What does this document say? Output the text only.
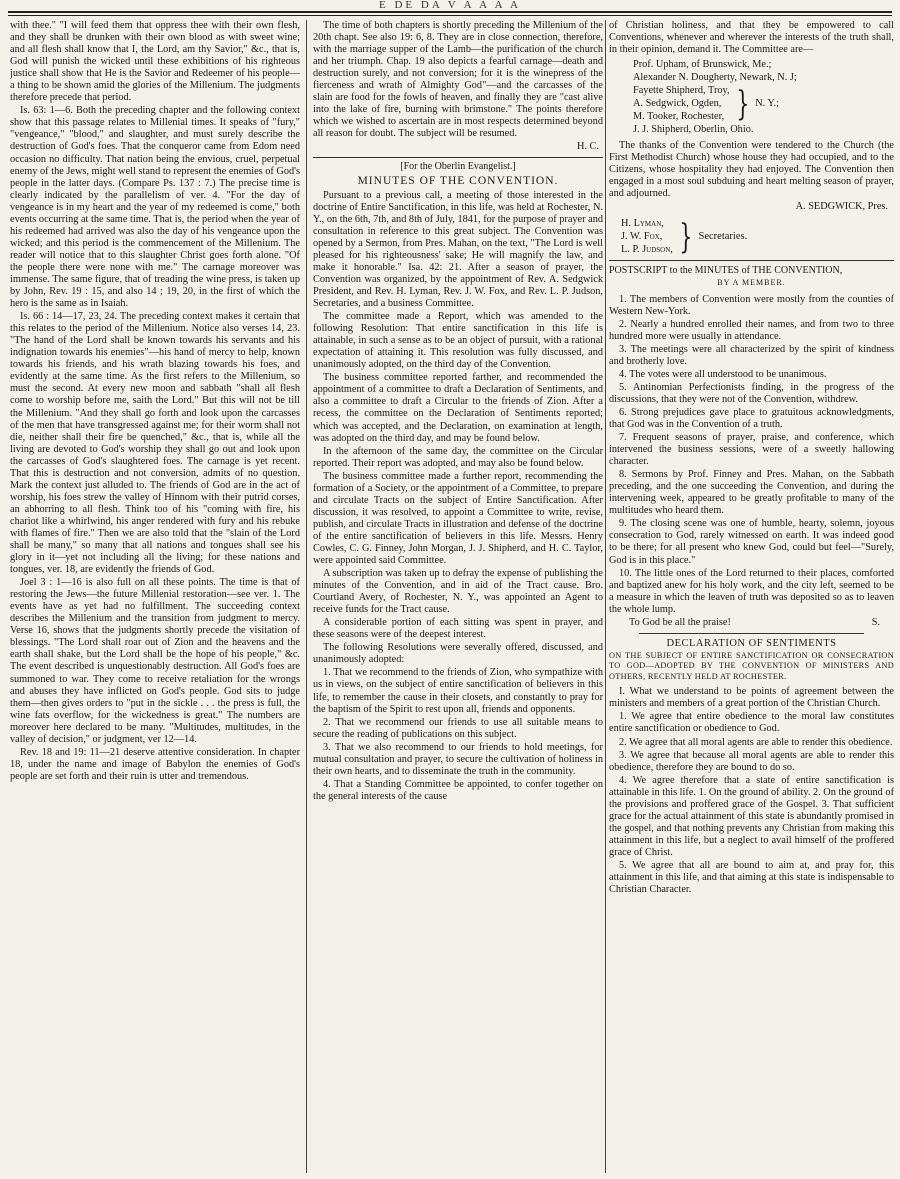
E DE DA V A A A A

with thee." "I will feed them that oppress thee with their own flesh, and they shall be drunken with their own blood as with sweet wine; and all flesh shall know that I, the Lord, am thy Savior," &c., that is, God will punish the wicked until these exhibitions of his righteous justice shall show that He is the Savior and Redeemer of his people—a thing to be shown amid the glories of the Millenium. The judgments therefore precede that period.

Is. 63: 1—6. Both the preceding chapter and the following context show that this passage relates to Millenial times. It speaks of "fury," "vengeance," "blood," and slaughter, and must surely describe the destruction of God's foes. That the conqueror came from Edom need occasion no difficulty. That nation being the envious, cruel, perpetual enemy of the Jews, might well stand to represent the enemies of God's people in the latter days. (Compare Ps. 137 : 7.) The precise time is clearly indicated by the parallelism of ver. 4. "For the day of vengeance is in my heart and the year of my redeemed is come," both events occurring at the same time. That is, the period when the year of his redeemed had arrived was also the day of his vengeance upon the wicked; and this period is the commencement of the Millenium. The reader will notice that to this slaughter Christ goes forth alone. "Of the people there were none with me." The carnage moreover was immense. The same figure, that of treading the wine press, is taken up by John, Rev. 19 : 15, and also 14 ; 19, 20, in the first of which the hero is the same as in Isaiah.

Is. 66 : 14—17, 23, 24. The preceding context makes it certain that this relates to the period of the Millenium. Notice also verses 14, 23. "The hand of the Lord shall be known towards his servants and his indignation towards his enemies"—his hand of mercy to help, known towards his friends, and his wrath blazing towards his foes, and evidently at the same time. As the first refers to the Millenium, so must the second. At every new moon and sabbath "shall all flesh come to worship before me, saith the Lord." But this will not be till the Millenium. "And they shall go forth and look upon the carcasses of the men that have transgressed against me; for their worm shall not die, neither shall their fire be quenched," &c., that is, while all the living are devoted to God's worship they shall go out and look upon the carcasses of God's slaughtered foes. The carnage is yet recent. That this is destruction and not conversion, admits of no question. Mark the context just alluded to. The friends of God are in the act of worship, his foes strew the valley of Hinnom with their putrid corses, an abhorring to all flesh. Think too of his "coming with fire, his chariot like a whirlwind, his anger rendered with fury and his rebuke with flames of fire." Then we are also told that the "slain of the Lord shall be many," so many that all nations and tongues shall see his glory in it—yet not including all the living; for these nations and tongues, ver. 18, are evidently the friends of God.

Joel 3 : 1—16 is also full on all these points. The time is that of restoring the Jews—the future Millenial restoration—see ver. 1. The events have as yet had no fulfillment. The succeeding context describes the Millenium and the transition from judgment to mercy. Verse 16, shows that the judgments shortly precede the visitation of blessings. "The Lord shall roar out of Zion and the heavens and the earth shall shake, but the Lord shall be the hope of his people," &c. The event described is unquestionably destruction. All God's foes are summoned to war. They come to receive retaliation for the wrongs and abuses they have inflicted on God's people. God sits to judge them—then gives orders to "put in the sickle . . . the press is full, the wine fats overflow, for the wickedness is great." The numbers are moreover here declared to be many. "Multitudes, multitudes, in the valley of decision," or judgment, ver 12—14.

Rev. 18 and 19: 11—21 deserve attentive consideration. In chapter 18, under the name and image of Babylon the enemies of God's people are set forth and their ruin is utter and tremendous.

The time of both chapters is shortly preceding the Millenium of the 20th chapt. See also 19: 6, 8. They are in close connection, therefore, with the marriage supper of the Lamb—the purification of the church and her triumph. Chap. 19 also depicts a fearful carnage—death and destruction surely, and not conversion; for it is the winepress of the fierceness and wrath of Almighty God"—and the carcasses of the slain are food for the fowls of heaven, and finally they are "cast alive into the lake of fire, burning with brimstone." The points therefore which we wished to ascertain are in most respects determined beyond all reason for doubt. The subject will be resumed.

H. C.
[For the Oberlin Evangelist.]
MINUTES OF THE CONVENTION.

Pursuant to a previous call, a meeting of those interested in the doctrine of Entire Sanctification, in this life, was held at Rochester, N. Y., on the 6th, 7th, and 8th of July, 1841, for the purpose of prayer and consultation in reference to this great subject. The Convention was opened by a Sermon, from Pres. Mahan, on the text, "The Lord is well pleased for his righteousness' sake; He will magnify the law, and make it honorable." Isa. 42: 21. After a season of prayer, the Convention was organized, by the appointment of Rev. A. Sedgwick President, and Rev. H. Lyman, Rev. J. W. Fox, and Rev. L. P. Judson, Secretaries, and a business Committee.

The committee made a Report, which was amended to the following Resolution: That entire sanctification in this life is attainable, in such a sense as to be an object of pursuit, with a rational expectation of attaining it. This resolution was fully discussed, and unanimously adopted, on the third day of the Convention.

The business committee reported farther, and recommended the appointment of a committee to draft a Declaration of Sentiments, and also a committee to draft a Circular to the friends of Zion. After a recess, the committee on the Declaration of Sentiments reported; which was accepted, and the Declaration, on examination at length, was adopted on the third day, and may be found below.

In the afternoon of the same day, the committee on the Circular reported. Their report was adopted, and may also be found below.

The business committee made a further report, recommending the formation of a Society, or the appointment of a Committee, to prepare and circulate Tracts on the subject of Entire Sanctification. After discussion, it was resolved, to appoint a Committee to write, revise, publish, and circulate Tracts in illustration and defense of the doctrine of the entire sanctification of believers in this life. Messrs. Henry Cowles, C. G. Finney, John Morgan, J. J. Shipherd, and H. C. Taylor, were appointed said Committee.

A subscription was taken up to defray the expense of publishing the minutes of the Convention, and in aid of the Tract cause. Bro. Courtland Avery, of Rochester, N. Y., was appointed an Agent to receive funds for the Tract cause.

A considerable portion of each sitting was spent in prayer, and these seasons were of the deepest interest.

The following Resolutions were severally offered, discussed, and unanimously adopted:

1. That we recommend to the friends of Zion, who sympathize with us in views, on the subject of entire sanctification of believers in this life, to remember the cause in their closets, and constantly to pray for the baptism of the Spirit to rest upon all, friends and opponents.

2. That we recommend our friends to use all suitable means to secure the reading of publications on this subject.

3. That we also recommend to our friends to hold meetings, for mutual consultation and prayer, to secure the cultivation of holiness in their own hearts, and to disseminate the truth in the community.

4. That a Standing Committee be appointed, to confer together on the general interests of the cause

of Christian holiness, and that they be empowered to call Conventions, whenever and wherever the interests of the truth shall, in their opinion, demand it. The Committee are—

Prof. Upham, of Brunswick, Me.;
Alexander N. Dougherty, Newark, N. J;
Fayette Shipherd, Troy,
A. Sedgwick, Ogden,
M. Tooker, Rochester, } N. Y.;
J. J. Shipherd, Oberlin, Ohio.

The thanks of the Convention were tendered to the Church (the First Methodist Church) whose house they had occupied, and to the Citizens, whose hospitality they had enjoyed. The Convention then engaged in a most soul subduing and heart melting season of prayer, and adjourned.

A. SEDGWICK, Pres.
H. Lyman,
J. W. Fox,
L. P. Judson, } Secretaries.
POSTSCRIPT to the MINUTES of THE CONVENTION,
BY A MEMBER.

1. The members of Convention were mostly from the counties of Western New-York.

2. Nearly a hundred enrolled their names, and from two to three hundred more were usually in attendance.

3. The meetings were all characterized by the spirit of kindness and brotherly love.

4. The votes were all understood to be unanimous.

5. Antinomian Perfectionists finding, in the progress of the discussions, that they were not of the Convention, withdrew.

6. Strong prejudices gave place to gratuitous acknowledgments, that God was in the Convention of a truth.

7. Frequent seasons of prayer, praise, and conference, which intervened the business sessions, were of a sweetly hallowing character.

8. Sermons by Prof. Finney and Pres. Mahan, on the Sabbath preceding, and the one succeeding the Convention, and during the intervening week, appeared to be greatly profitable to many of the multitudes who heard them.

9. The closing scene was one of humble, hearty, solemn, joyous consecration to God, rarely witnessed on earth. It was indeed good to be there; for all present who knew God, could but feel—"Surely, God is in this place."

10. The little ones of the Lord returned to their places, comforted and baptized anew for his holy work, and the city left, seemed to be a measure in which the leaven of truth was deposited so as to leaven the whole lump.

To God be all the praise!	S.
DECLARATION OF SENTIMENTS
ON THE SUBJECT OF ENTIRE SANCTIFICATION OR CONSECRATION TO GOD—ADOPTED BY THE CONVENTION OF MINISTERS AND OTHERS, RECENTLY HELD AT ROCHESTER.

I. What we understand to be points of agreement between the ministers and members of a great portion of the Christian Church.

1. We agree that entire obedience to the moral law constitutes entire sanctification or obedience to God.

2. We agree that all moral agents are able to render this obedience.

3. We agree that because all moral agents are able to render this obedience, therefore they are bound to do so.

4. We agree therefore that a state of entire sanctification is attainable in this life. 1. On the ground of ability. 2. On the ground of the provisions and proffered grace of the Gospel. 3. That sufficient grace for the actual attainment of this state is abundantly promised in the gospel, and that nothing prevents any Christian from making this attainment in this life, but a neglect to avail himself of the proffered grace of Christ.

5. We agree that all are bound to aim at, and pray for, this attainment in this life, and that aiming at this state is indispensable to Christian Character.
